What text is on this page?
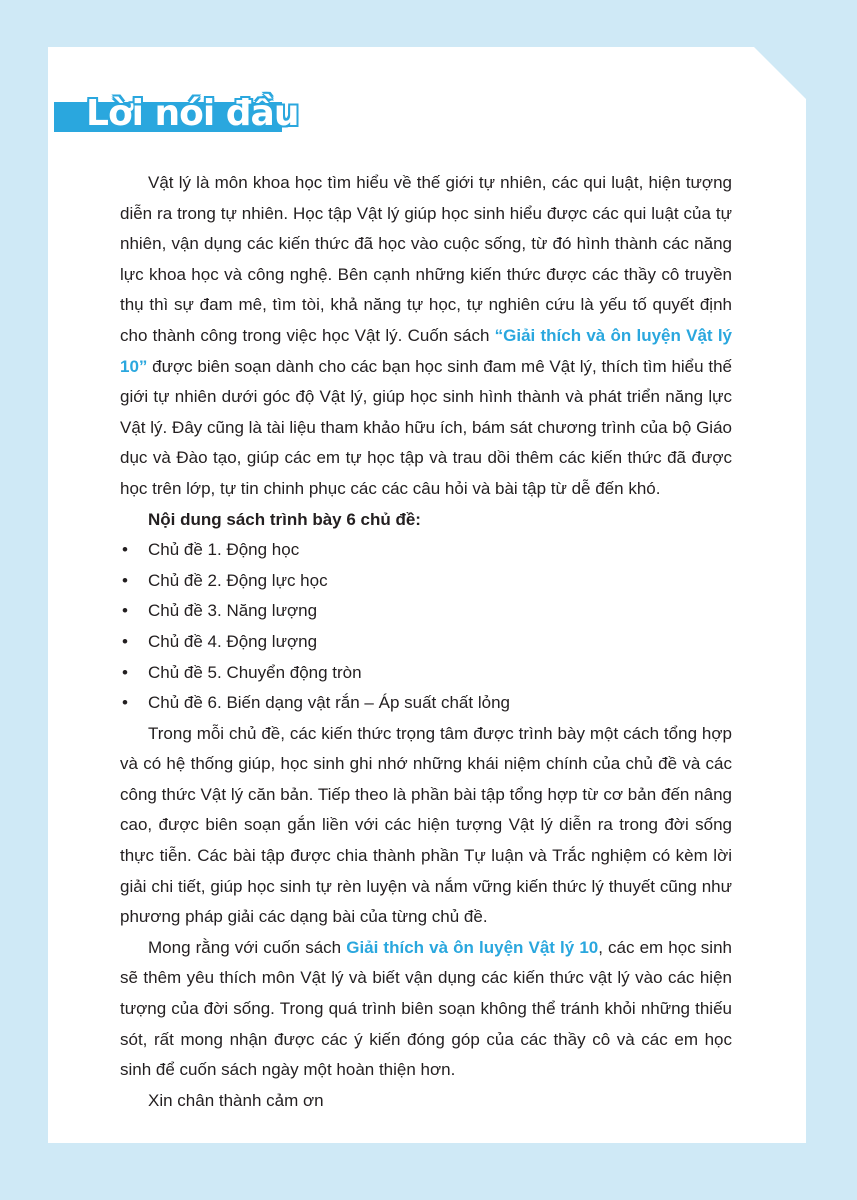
Lời nói đầu

Vật lý là môn khoa học tìm hiểu về thế giới tự nhiên, các qui luật, hiện tượng diễn ra trong tự nhiên. Học tập Vật lý giúp học sinh hiểu được các qui luật của tự nhiên, vận dụng các kiến thức đã học vào cuộc sống, từ đó hình thành các năng lực khoa học và công nghệ. Bên cạnh những kiến thức được các thầy cô truyền thụ thì sự đam mê, tìm tòi, khả năng tự học, tự nghiên cứu là yếu tố quyết định cho thành công trong việc học Vật lý. Cuốn sách “Giải thích và ôn luyện Vật lý 10” được biên soạn dành cho các bạn học sinh đam mê Vật lý, thích tìm hiểu thế giới tự nhiên dưới góc độ Vật lý, giúp học sinh hình thành và phát triển năng lực Vật lý. Đây cũng là tài liệu tham khảo hữu ích, bám sát chương trình của bộ Giáo dục và Đào tạo, giúp các em tự học tập và trau dồi thêm các kiến thức đã được học trên lớp, tự tin chinh phục các các câu hỏi và bài tập từ dễ đến khó.

Nội dung sách trình bày 6 chủ đề:

• Chủ đề 1. Động học
• Chủ đề 2. Động lực học
• Chủ đề 3. Năng lượng
• Chủ đề 4. Động lượng
• Chủ đề 5. Chuyển động tròn
• Chủ đề 6. Biến dạng vật rắn – Áp suất chất lỏng

Trong mỗi chủ đề, các kiến thức trọng tâm được trình bày một cách tổng hợp và có hệ thống giúp, học sinh ghi nhớ những khái niệm chính của chủ đề và các công thức Vật lý căn bản. Tiếp theo là phần bài tập tổng hợp từ cơ bản đến nâng cao, được biên soạn gắn liền với các hiện tượng Vật lý diễn ra trong đời sống thực tiễn. Các bài tập được chia thành phần Tự luận và Trắc nghiệm có kèm lời giải chi tiết, giúp học sinh tự rèn luyện và nắm vững kiến thức lý thuyết cũng như phương pháp giải các dạng bài của từng chủ đề.

Mong rằng với cuốn sách Giải thích và ôn luyện Vật lý 10, các em học sinh sẽ thêm yêu thích môn Vật lý và biết vận dụng các kiến thức vật lý vào các hiện tượng của đời sống. Trong quá trình biên soạn không thể tránh khỏi những thiếu sót, rất mong nhận được các ý kiến đóng góp của các thầy cô và các em học sinh để cuốn sách ngày một hoàn thiện hơn.

Xin chân thành cảm ơn
